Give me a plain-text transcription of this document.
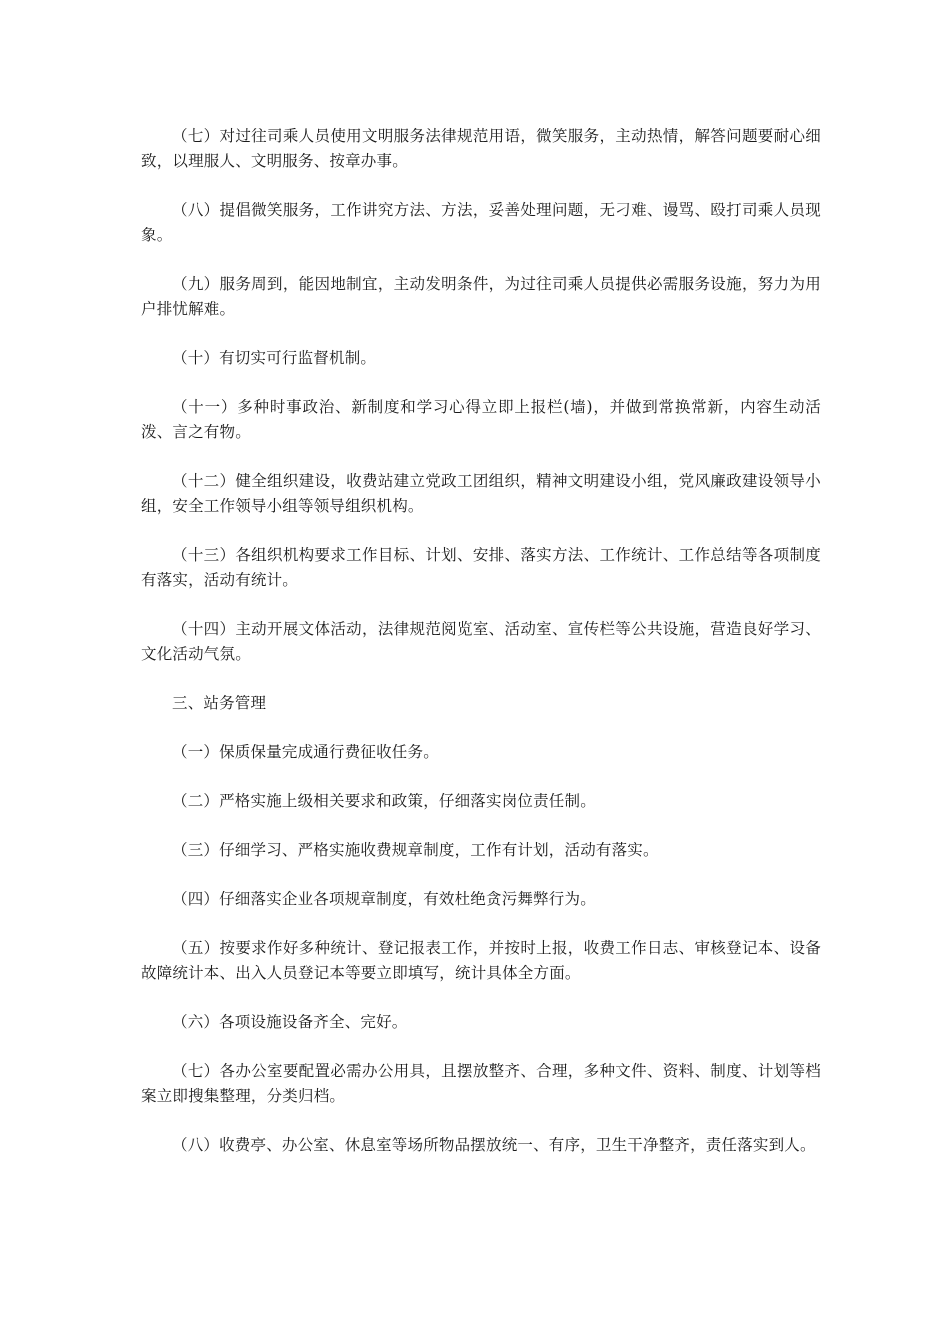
（七）对过往司乘人员使用文明服务法律规范用语，微笑服务，主动热情，解答问题要耐心细致，以理服人、文明服务、按章办事。

（八）提倡微笑服务，工作讲究方法、方法，妥善处理问题，无刁难、谩骂、殴打司乘人员现象。

（九）服务周到，能因地制宜，主动发明条件，为过往司乘人员提供必需服务设施，努力为用户排忧解难。

（十）有切实可行监督机制。

（十一）多种时事政治、新制度和学习心得立即上报栏(墙)，并做到常换常新，内容生动活泼、言之有物。

（十二）健全组织建设，收费站建立党政工团组织，精神文明建设小组，党风廉政建设领导小组，安全工作领导小组等领导组织机构。

（十三）各组织机构要求工作目标、计划、安排、落实方法、工作统计、工作总结等各项制度有落实，活动有统计。

（十四）主动开展文体活动，法律规范阅览室、活动室、宣传栏等公共设施，营造良好学习、文化活动气氛。

三、站务管理

（一）保质保量完成通行费征收任务。

（二）严格实施上级相关要求和政策，仔细落实岗位责任制。

（三）仔细学习、严格实施收费规章制度，工作有计划，活动有落实。

（四）仔细落实企业各项规章制度，有效杜绝贪污舞弊行为。

（五）按要求作好多种统计、登记报表工作，并按时上报，收费工作日志、审核登记本、设备故障统计本、出入人员登记本等要立即填写，统计具体全方面。

（六）各项设施设备齐全、完好。

（七）各办公室要配置必需办公用具，且摆放整齐、合理，多种文件、资料、制度、计划等档案立即搜集整理，分类归档。

（八）收费亭、办公室、休息室等场所物品摆放统一、有序，卫生干净整齐，责任落实到人。
